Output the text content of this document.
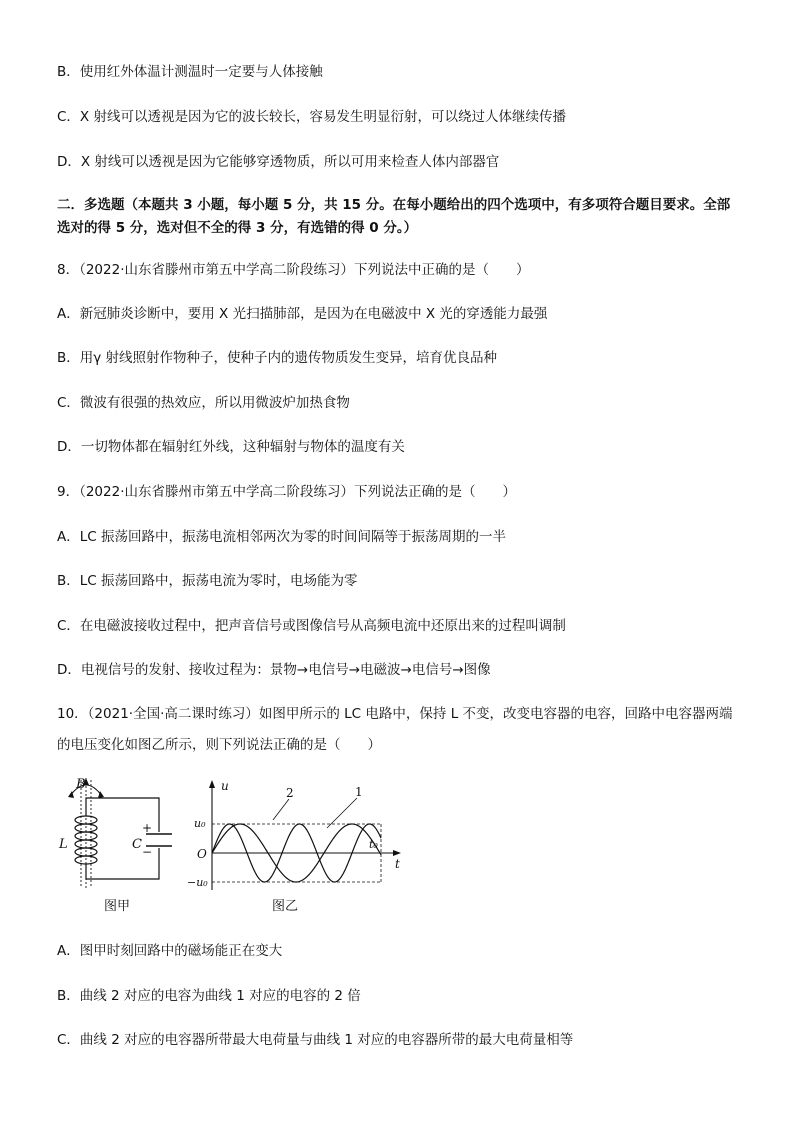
B．使用红外体温计测温时一定要与人体接触
C．X 射线可以透视是因为它的波长较长，容易发生明显衍射，可以绕过人体继续传播
D．X 射线可以透视是因为它能够穿透物质，所以可用来检查人体内部器官
二．多选题（本题共 3 小题，每小题 5 分，共 15 分。在每小题给出的四个选项中，有多项符合题目要求。全部
选对的得 5 分，选对但不全的得 3 分，有选错的得 0 分。）
8．（2022·山东省滕州市第五中学高二阶段练习）下列说法中正确的是（　　）
A．新冠肺炎诊断中，要用 X 光扫描肺部，是因为在电磁波中 X 光的穿透能力最强
B．用γ 射线照射作物种子，使种子内的遗传物质发生变异，培育优良品种
C．微波有很强的热效应，所以用微波炉加热食物
D．一切物体都在辐射红外线，这种辐射与物体的温度有关
9．（2022·山东省滕州市第五中学高二阶段练习）下列说法正确的是（　　）
A．LC 振荡回路中，振荡电流相邻两次为零的时间间隔等于振荡周期的一半
B．LC 振荡回路中，振荡电流为零时，电场能为零
C．在电磁波接收过程中，把声音信号或图像信号从高频电流中还原出来的过程叫调制
D．电视信号的发射、接收过程为：景物→电信号→电磁波→电信号→图像
10．（2021·全国·高二课时练习）如图甲所示的 LC 电路中，保持 L 不变，改变电容器的电容，回路中电容器两端
的电压变化如图乙所示，则下列说法正确的是（　　）
B
L	C
+
−
图甲
u
u₀
−u₀
O
t
t₀
2	1
图乙
A．图甲时刻回路中的磁场能正在变大
B．曲线 2 对应的电容为曲线 1 对应的电容的 2 倍
C．曲线 2 对应的电容器所带最大电荷量与曲线 1 对应的电容器所带的最大电荷量相等
